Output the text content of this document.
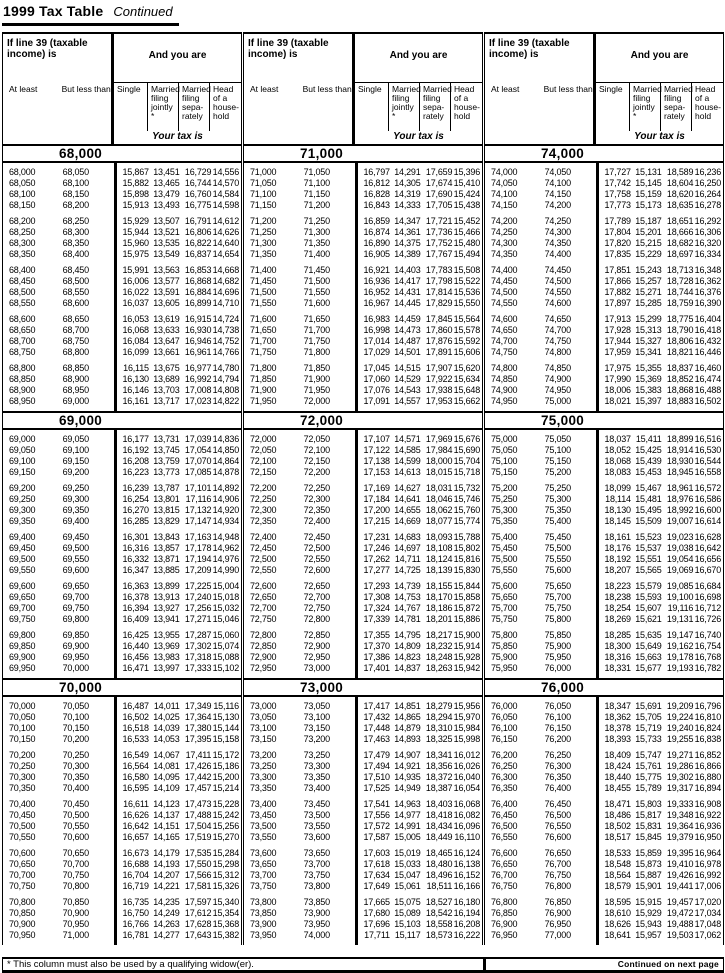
1999 Tax Table Continued
If line 39 (taxable income) is	And you are
At least	But less than Single	Married filing jointly *
Married filing sepa- rately
Head of a house- hold
Your tax is
68,000
68,000	68,050	15,867 13,451 16,729 14,556
68,050	68,100	15,882 13,465 16,744 14,570
68,100	68,150	15,898 13,479 16,760 14,584
68,150	68,200	15,913 13,493 16,775 14,598
68,200	68,250	15,929 13,507 16,791 14,612
68,250	68,300	15,944 13,521 16,806 14,626
68,300	68,350	15,960 13,535 16,822 14,640
68,350	68,400	15,975 13,549 16,837 14,654
68,400	68,450	15,991 13,563 16,853 14,668
68,450	68,500	16,006 13,577 16,868 14,682
68,500	68,550	16,022 13,591 16,884 14,696
68,550	68,600	16,037 13,605 16,899 14,710
68,600	68,650	16,053 13,619 16,915 14,724
68,650	68,700	16,068 13,633 16,930 14,738
68,700	68,750	16,084 13,647 16,946 14,752
68,750	68,800	16,099 13,661 16,961 14,766
68,800	68,850	16,115 13,675 16,977 14,780
68,850	68,900	16,130 13,689 16,992 14,794
68,900	68,950	16,146 13,703 17,008 14,808
68,950	69,000	16,161 13,717 17,023 14,822
69,000
69,000	69,050	16,177 13,731 17,039 14,836
69,050	69,100	16,192 13,745 17,054 14,850
69,100	69,150	16,208 13,759 17,070 14,864
69,150	69,200	16,223 13,773 17,085 14,878
69,200	69,250	16,239 13,787 17,101 14,892
69,250	69,300	16,254 13,801 17,116 14,906
69,300	69,350	16,270 13,815 17,132 14,920
69,350	69,400	16,285 13,829 17,147 14,934
69,400	69,450	16,301 13,843 17,163 14,948
69,450	69,500	16,316 13,857 17,178 14,962
69,500	69,550	16,332 13,871 17,194 14,976
69,550	69,600	16,347 13,885 17,209 14,990
69,600	69,650	16,363 13,899 17,225 15,004
69,650	69,700	16,378 13,913 17,240 15,018
69,700	69,750	16,394 13,927 17,256 15,032
69,750	69,800	16,409 13,941 17,271 15,046
69,800	69,850	16,425 13,955 17,287 15,060
69,850	69,900	16,440 13,969 17,302 15,074
69,900	69,950	16,456 13,983 17,318 15,088
69,950	70,000	16,471 13,997 17,333 15,102
70,000
70,000	70,050	16,487 14,011 17,349 15,116
70,050	70,100	16,502 14,025 17,364 15,130
70,100	70,150	16,518 14,039 17,380 15,144
70,150	70,200	16,533 14,053 17,395 15,158
70,200	70,250	16,549 14,067 17,411 15,172
70,250	70,300	16,564 14,081 17,426 15,186
70,300	70,350	16,580 14,095 17,442 15,200
70,350	70,400	16,595 14,109 17,457 15,214
70,400	70,450	16,611 14,123 17,473 15,228
70,450	70,500	16,626 14,137 17,488 15,242
70,500	70,550	16,642 14,151 17,504 15,256
70,550	70,600	16,657 14,165 17,519 15,270
70,600	70,650	16,673 14,179 17,535 15,284
70,650	70,700	16,688 14,193 17,550 15,298
70,700	70,750	16,704 14,207 17,566 15,312
70,750	70,800	16,719 14,221 17,581 15,326
70,800	70,850	16,735 14,235 17,597 15,340
70,850	70,900	16,750 14,249 17,612 15,354
70,900	70,950	16,766 14,263 17,628 15,368
70,950	71,000	16,781 14,277 17,643 15,382
If line 39 (taxable income) is	And you are
At least	But less than Single	Married filing jointly *
Married filing sepa- rately
Head of a house- hold
Your tax is
71,000
71,000	71,050	16,797 14,291 17,659 15,396
71,050	71,100	16,812 14,305 17,674 15,410
71,100	71,150	16,828 14,319 17,690 15,424
71,150	71,200	16,843 14,333 17,705 15,438
71,200	71,250	16,859 14,347 17,721 15,452
71,250	71,300	16,874 14,361 17,736 15,466
71,300	71,350	16,890 14,375 17,752 15,480
71,350	71,400	16,905 14,389 17,767 15,494
71,400	71,450	16,921 14,403 17,783 15,508
71,450	71,500	16,936 14,417 17,798 15,522
71,500	71,550	16,952 14,431 17,814 15,536
71,550	71,600	16,967 14,445 17,829 15,550
71,600	71,650	16,983 14,459 17,845 15,564
71,650	71,700	16,998 14,473 17,860 15,578
71,700	71,750	17,014 14,487 17,876 15,592
71,750	71,800	17,029 14,501 17,891 15,606
71,800	71,850	17,045 14,515 17,907 15,620
71,850	71,900	17,060 14,529 17,922 15,634
71,900	71,950	17,076 14,543 17,938 15,648
71,950	72,000	17,091 14,557 17,953 15,662
72,000
72,000	72,050	17,107 14,571 17,969 15,676
72,050	72,100	17,122 14,585 17,984 15,690
72,100	72,150	17,138 14,599 18,000 15,704
72,150	72,200	17,153 14,613 18,015 15,718
72,200	72,250	17,169 14,627 18,031 15,732
72,250	72,300	17,184 14,641 18,046 15,746
72,300	72,350	17,200 14,655 18,062 15,760
72,350	72,400	17,215 14,669 18,077 15,774
72,400	72,450	17,231 14,683 18,093 15,788
72,450	72,500	17,246 14,697 18,108 15,802
72,500	72,550	17,262 14,711 18,124 15,816
72,550	72,600	17,277 14,725 18,139 15,830
72,600	72,650	17,293 14,739 18,155 15,844
72,650	72,700	17,308 14,753 18,170 15,858
72,700	72,750	17,324 14,767 18,186 15,872
72,750	72,800	17,339 14,781 18,201 15,886
72,800	72,850	17,355 14,795 18,217 15,900
72,850	72,900	17,370 14,809 18,232 15,914
72,900	72,950	17,386 14,823 18,248 15,928
72,950	73,000	17,401 14,837 18,263 15,942
73,000
73,000	73,050	17,417 14,851 18,279 15,956
73,050	73,100	17,432 14,865 18,294 15,970
73,100	73,150	17,448 14,879 18,310 15,984
73,150	73,200	17,463 14,893 18,325 15,998
73,200	73,250	17,479 14,907 18,341 16,012
73,250	73,300	17,494 14,921 18,356 16,026
73,300	73,350	17,510 14,935 18,372 16,040
73,350	73,400	17,525 14,949 18,387 16,054
73,400	73,450	17,541 14,963 18,403 16,068
73,450	73,500	17,556 14,977 18,418 16,082
73,500	73,550	17,572 14,991 18,434 16,096
73,550	73,600	17,587 15,005 18,449 16,110
73,600	73,650	17,603 15,019 18,465 16,124
73,650	73,700	17,618 15,033 18,480 16,138
73,700	73,750	17,634 15,047 18,496 16,152
73,750	73,800	17,649 15,061 18,511 16,166
73,800	73,850	17,665 15,075 18,527 16,180
73,850	73,900	17,680 15,089 18,542 16,194
73,900	73,950	17,696 15,103 18,558 16,208
73,950	74,000	17,711 15,117 18,573 16,222
If line 39 (taxable income) is	And you are
At least	But less than Single	Married filing jointly *
Married filing sepa- rately
Head of a house- hold
Your tax is
74,000
74,000	74,050	17,727 15,131 18,589 16,236
74,050	74,100	17,742 15,145 18,604 16,250
74,100	74,150	17,758 15,159 18,620 16,264
74,150	74,200	17,773 15,173 18,635 16,278
74,200	74,250	17,789 15,187 18,651 16,292
74,250	74,300	17,804 15,201 18,666 16,306
74,300	74,350	17,820 15,215 18,682 16,320
74,350	74,400	17,835 15,229 18,697 16,334
74,400	74,450	17,851 15,243 18,713 16,348
74,450	74,500	17,866 15,257 18,728 16,362
74,500	74,550	17,882 15,271 18,744 16,376
74,550	74,600	17,897 15,285 18,759 16,390
74,600	74,650	17,913 15,299 18,775 16,404
74,650	74,700	17,928 15,313 18,790 16,418
74,700	74,750	17,944 15,327 18,806 16,432
74,750	74,800	17,959 15,341 18,821 16,446
74,800	74,850	17,975 15,355 18,837 16,460
74,850	74,900	17,990 15,369 18,852 16,474
74,900	74,950	18,006 15,383 18,868 16,488
74,950	75,000	18,021 15,397 18,883 16,502
75,000
75,000	75,050	18,037 15,411 18,899 16,516
75,050	75,100	18,052 15,425 18,914 16,530
75,100	75,150	18,068 15,439 18,930 16,544
75,150	75,200	18,083 15,453 18,945 16,558
75,200	75,250	18,099 15,467 18,961 16,572
75,250	75,300	18,114 15,481 18,976 16,586
75,300	75,350	18,130 15,495 18,992 16,600
75,350	75,400	18,145 15,509 19,007 16,614
75,400	75,450	18,161 15,523 19,023 16,628
75,450	75,500	18,176 15,537 19,038 16,642
75,500	75,550	18,192 15,551 19,054 16,656
75,550	75,600	18,207 15,565 19,069 16,670
75,600	75,650	18,223 15,579 19,085 16,684
75,650	75,700	18,238 15,593 19,100 16,698
75,700	75,750	18,254 15,607 19,116 16,712
75,750	75,800	18,269 15,621 19,131 16,726
75,800	75,850	18,285 15,635 19,147 16,740
75,850	75,900	18,300 15,649 19,162 16,754
75,900	75,950	18,316 15,663 19,178 16,768
75,950	76,000	18,331 15,677 19,193 16,782
76,000
76,000	76,050	18,347 15,691 19,209 16,796
76,050	76,100	18,362 15,705 19,224 16,810
76,100	76,150	18,378 15,719 19,240 16,824
76,150	76,200	18,393 15,733 19,255 16,838
76,200	76,250	18,409 15,747 19,271 16,852
76,250	76,300	18,424 15,761 19,286 16,866
76,300	76,350	18,440 15,775 19,302 16,880
76,350	76,400	18,455 15,789 19,317 16,894
76,400	76,450	18,471 15,803 19,333 16,908
76,450	76,500	18,486 15,817 19,348 16,922
76,500	76,550	18,502 15,831 19,364 16,936
76,550	76,600	18,517 15,845 19,379 16,950
76,600	76,650	18,533 15,859 19,395 16,964
76,650	76,700	18,548 15,873 19,410 16,978
76,700	76,750	18,564 15,887 19,426 16,992
76,750	76,800	18,579 15,901 19,441 17,006
76,800	76,850	18,595 15,915 19,457 17,020
76,850	76,900	18,610 15,929 19,472 17,034
76,900	76,950	18,626 15,943 19,488 17,048
76,950	77,000	18,641 15,957 19,503 17,062
* This column must also be used by a qualifying widow(er).	Continued on next page
